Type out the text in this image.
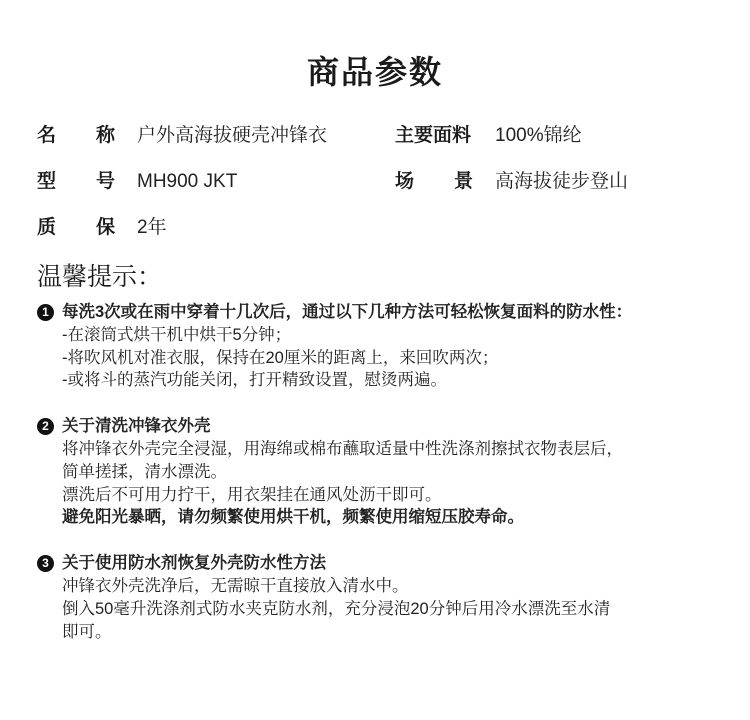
商品参数
名 称 户外高海拔硬壳冲锋衣	主要面料 100%锦纶
型 号 MH900 JKT	场 景 高海拔徒步登山
质 保 2年
温馨提示：
1 每洗3次或在雨中穿着十几次后，通过以下几种方法可轻松恢复面料的防水性：
-在滚筒式烘干机中烘干5分钟；
-将吹风机对准衣服，保持在20厘米的距离上，来回吹两次；
-或将斗的蒸汽功能关闭，打开精致设置，慰烫两遍。
2 关于清洗冲锋衣外壳
将冲锋衣外壳完全浸湿，用海绵或棉布蘸取适量中性洗涤剂擦拭衣物表层后，
简单搓揉，清水漂洗。
漂洗后不可用力拧干，用衣架挂在通风处沥干即可。
避免阳光暴晒，请勿频繁使用烘干机，频繁使用缩短压胶寿命。
3 关于使用防水剂恢复外壳防水性方法
冲锋衣外壳洗净后，无需晾干直接放入清水中。
倒入50毫升洗涤剂式防水夹克防水剂，充分浸泡20分钟后用冷水漂洗至水清
即可。
